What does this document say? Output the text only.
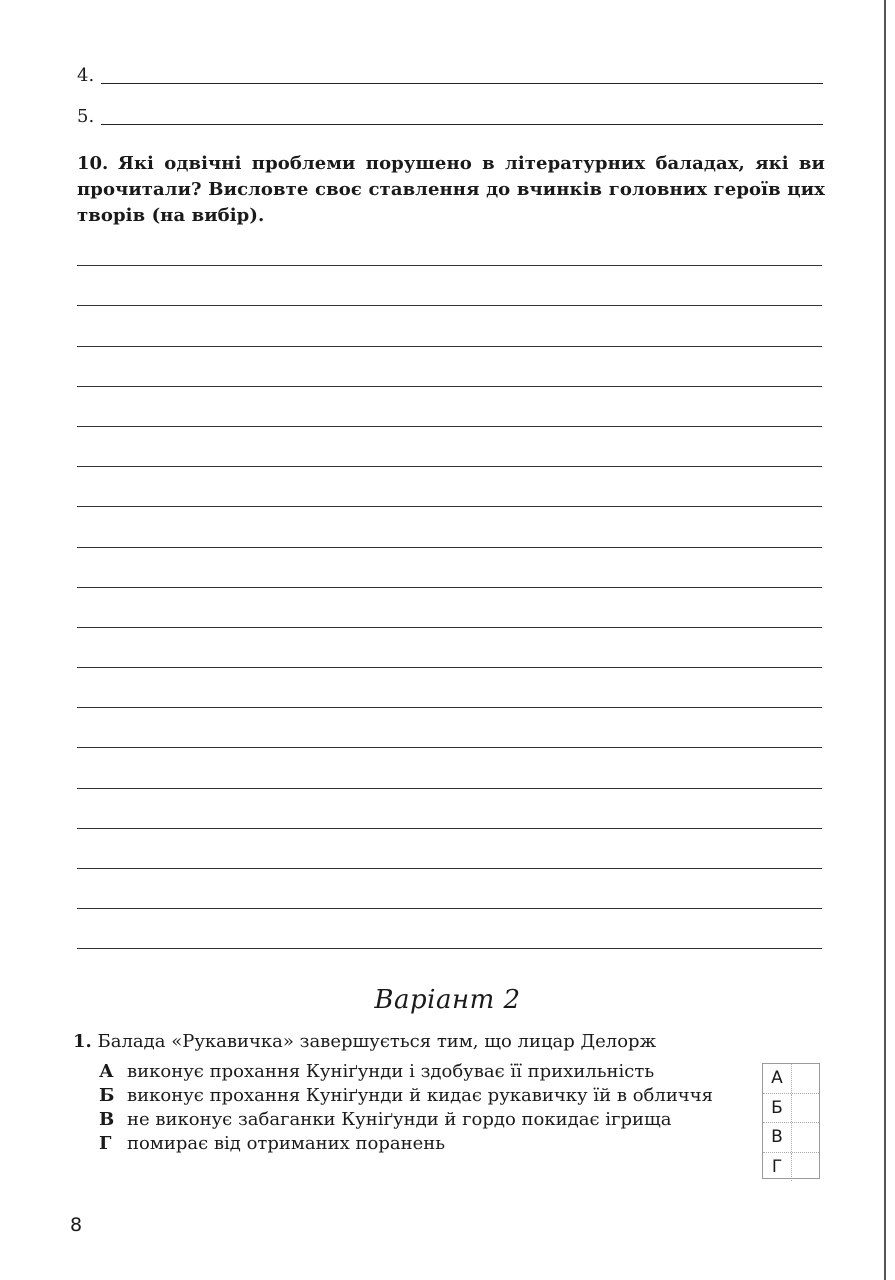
4.
5.
10. Які одвічні проблеми порушено в літературних баладах, які ви прочитали? Висловте своє ставлення до вчинків головних героїв цих творів (на вибір).
Варіант 2
1. Балада «Рукавичка» завершується тим, що лицар Делорж
А виконує прохання Куніґунди і здобуває її прихильність
Б виконує прохання Куніґунди й кидає рукавичку їй в обличчя
В не виконує забаганки Куніґунди й гордо покидає ігрища
Г помирає від отриманих поранень
А
Б
В
Г
8
